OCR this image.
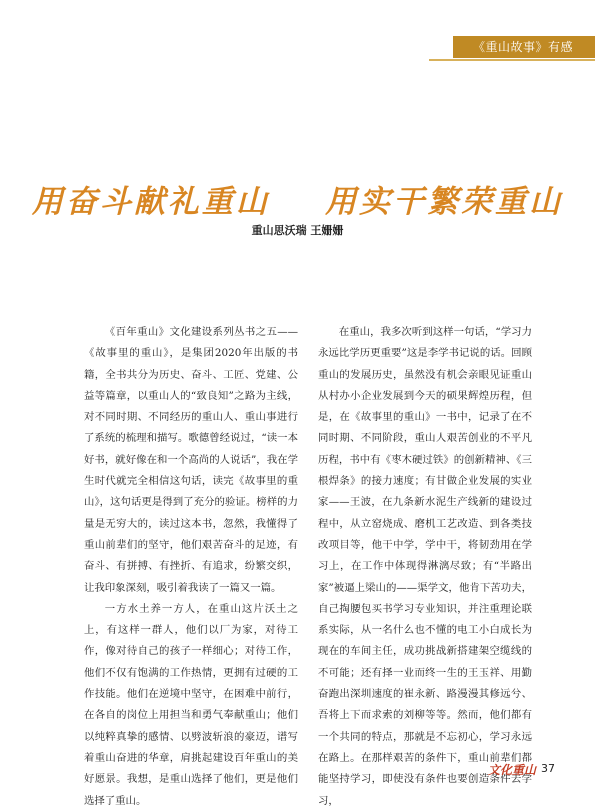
《重山故事》有感
用奋斗献礼重山    用实干繁荣重山
重山思沃瑞 王姗姗

《百年重山》文化建设系列丛书之五——《故事里的重山》，是集团2020年出版的书籍，全书共分为历史、奋斗、工匠、党建、公益等篇章，以重山人的“致良知”之路为主线，对不同时期、不同经历的重山人、重山事进行了系统的梳理和描写。歌德曾经说过，“读一本好书，就好像在和一个高尚的人说话”，我在学生时代就完全相信这句话，读完《故事里的重山》，这句话更是得到了充分的验证。榜样的力量是无穷大的，读过这本书，忽然，我懂得了重山前辈们的坚守，他们艰苦奋斗的足迹，有奋斗、有拼搏、有挫折、有追求，纷繁交织，让我印象深刻，吸引着我读了一篇又一篇。

一方水土养一方人，在重山这片沃土之上，有这样一群人，他们以厂为家，对待工作，像对待自己的孩子一样细心；对待工作，他们不仅有饱满的工作热情，更拥有过硬的工作技能。他们在逆境中坚守，在困难中前行，在各自的岗位上用担当和勇气奉献重山；他们以纯粹真挚的感情、以劈波斩浪的豪迈，谱写着重山奋进的华章，肩挑起建设百年重山的美好愿景。我想，是重山选择了他们，更是他们选择了重山。

在重山，我多次听到这样一句话，“学习力永远比学历更重要”这是李学书记说的话。回顾重山的发展历史，虽然没有机会亲眼见证重山从村办小企业发展到今天的硕果辉煌历程，但是，在《故事里的重山》一书中，记录了在不同时期、不同阶段，重山人艰苦创业的不平凡历程，书中有《枣木硬过铁》的创新精神、《三根焊条》的接力速度；有甘做企业发展的实业家——王波，在九条新水泥生产线新的建设过程中，从立窑烧成、磨机工艺改造、到各类技改项目等，他干中学，学中干，将韧劲用在学习上，在工作中体现得淋漓尽致；有“半路出家”被逼上梁山的——渠学文，他肯下苦功夫，自己掏腰包买书学习专业知识，并注重理论联系实际，从一名什么也不懂的电工小白成长为现在的车间主任，成功挑战新搭建架空缆线的不可能；还有择一业而终一生的王玉祥、用勤奋跑出深圳速度的崔永新、路漫漫其修远兮、吾将上下而求索的刘柳等等。然而，他们都有一个共同的特点，那就是不忘初心，学习永远在路上。在那样艰苦的条件下，重山前辈们都能坚持学习，即使没有条件也要创造条件去学习，

文化重山 37
